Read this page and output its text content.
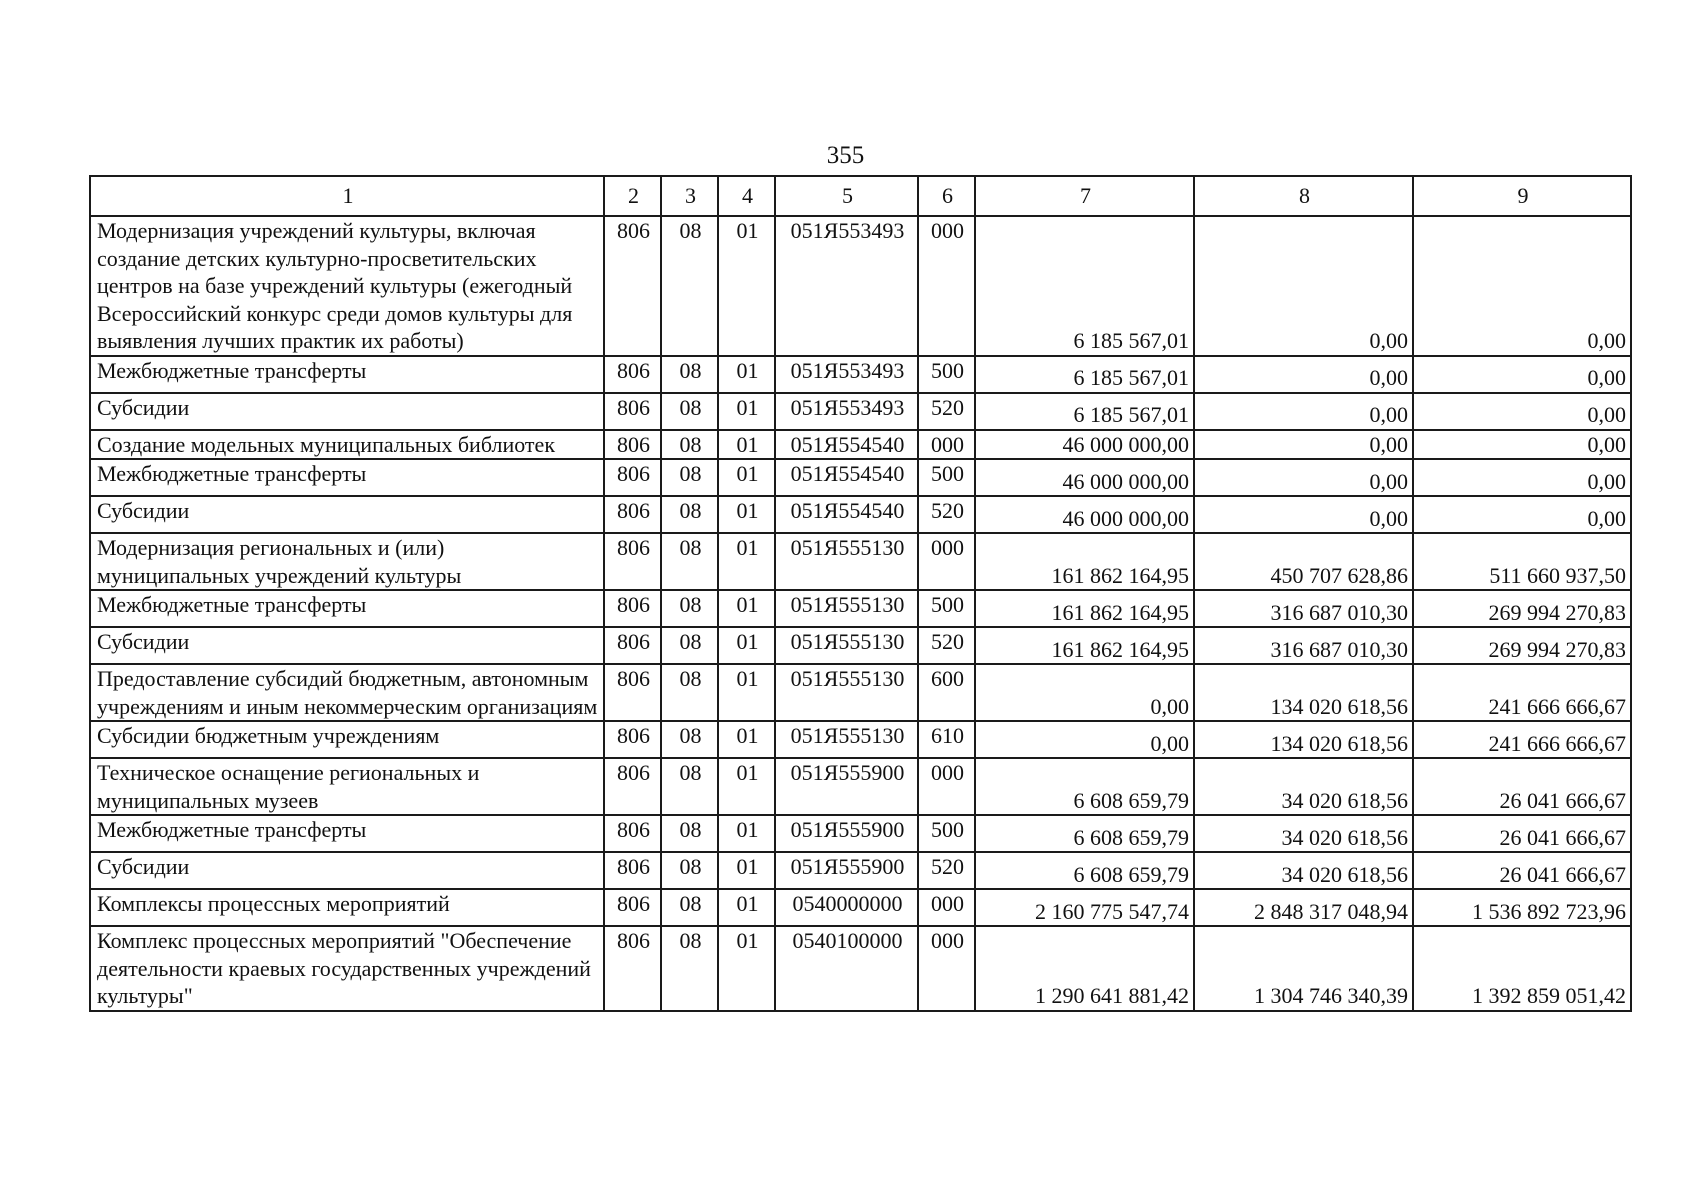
355
1	2	3	4	5	6	7	8	9
Модернизация учреждений культуры, включая создание детских культурно-просветительских центров на базе учреждений культуры (ежегодный Всероссийский конкурс среди домов культуры для выявления лучших практик их работы)	806	08	01	051Я553493	000	6 185 567,01	0,00	0,00
Межбюджетные трансферты	806	08	01	051Я553493	500	6 185 567,01	0,00	0,00
Субсидии	806	08	01	051Я553493	520	6 185 567,01	0,00	0,00
Создание модельных муниципальных библиотек	806	08	01	051Я554540	000	46 000 000,00	0,00	0,00
Межбюджетные трансферты	806	08	01	051Я554540	500	46 000 000,00	0,00	0,00
Субсидии	806	08	01	051Я554540	520	46 000 000,00	0,00	0,00
Модернизация региональных и (или) муниципальных учреждений культуры	806	08	01	051Я555130	000	161 862 164,95	450 707 628,86	511 660 937,50
Межбюджетные трансферты	806	08	01	051Я555130	500	161 862 164,95	316 687 010,30	269 994 270,83
Субсидии	806	08	01	051Я555130	520	161 862 164,95	316 687 010,30	269 994 270,83
Предоставление субсидий бюджетным, автономным учреждениям и иным некоммерческим организациям	806	08	01	051Я555130	600	0,00	134 020 618,56	241 666 666,67
Субсидии бюджетным учреждениям	806	08	01	051Я555130	610	0,00	134 020 618,56	241 666 666,67
Техническое оснащение региональных и муниципальных музеев	806	08	01	051Я555900	000	6 608 659,79	34 020 618,56	26 041 666,67
Межбюджетные трансферты	806	08	01	051Я555900	500	6 608 659,79	34 020 618,56	26 041 666,67
Субсидии	806	08	01	051Я555900	520	6 608 659,79	34 020 618,56	26 041 666,67
Комплексы процессных мероприятий	806	08	01	0540000000	000	2 160 775 547,74	2 848 317 048,94	1 536 892 723,96
Комплекс процессных мероприятий "Обеспечение деятельности краевых государственных учреждений культуры"	806	08	01	0540100000	000	1 290 641 881,42	1 304 746 340,39	1 392 859 051,42
